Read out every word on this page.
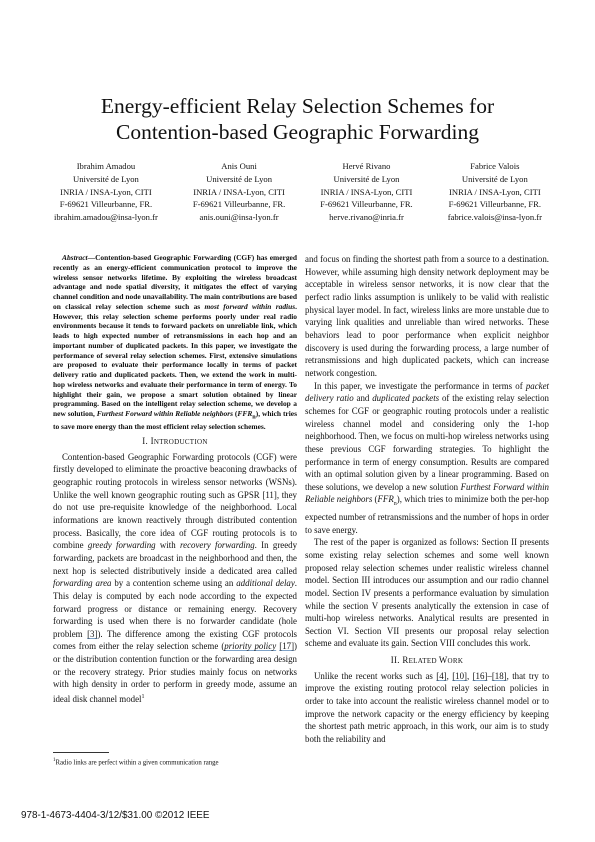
Energy-efficient Relay Selection Schemes for
Contention-based Geographic Forwarding
Ibrahim Amadou
Université de Lyon
INRIA / INSA-Lyon, CITI
F-69621 Villeurbanne, FR.
ibrahim.amadou@insa-lyon.fr
Anis Ouni
Université de Lyon
INRIA / INSA-Lyon, CITI
F-69621 Villeurbanne, FR.
anis.ouni@insa-lyon.fr
Hervé Rivano
Université de Lyon
INRIA / INSA-Lyon, CITI
F-69621 Villeurbanne, FR.
herve.rivano@inria.fr
Fabrice Valois
Université de Lyon
INRIA / INSA-Lyon, CITI
F-69621 Villeurbanne, FR.
fabrice.valois@insa-lyon.fr

Abstract—Contention-based Geographic Forwarding (CGF) has emerged recently as an energy-efficient communication protocol to improve the wireless sensor networks lifetime. By exploiting the wireless broadcast advantage and node spatial diversity, it mitigates the effect of varying channel condition and node unavailability. The main contributions are based on classical relay selection scheme such as most forward within radius. However, this relay selection scheme performs poorly under real radio environments because it tends to forward packets on unreliable link, which leads to high expected number of retransmissions in each hop and an important number of duplicated packets. In this paper, we investigate the performance of several relay selection schemes. First, extensive simulations are proposed to evaluate their performance locally in terms of packet delivery ratio and duplicated packets. Then, we extend the work in multi-hop wireless networks and evaluate their performance in term of energy. To highlight their gain, we propose a smart solution obtained by linear programming. Based on the intelligent relay selection scheme, we develop a new solution, Furthest Forward within Reliable neighbors $(FFR_n)$, which tries to save more energy than the most efficient relay selection schemes.

I. INTRODUCTION

Contention-based Geographic Forwarding protocols (CGF) were firstly developed to eliminate the proactive beaconing drawbacks of geographic routing protocols in wireless sensor networks (WSNs). Unlike the well known geographic routing such as GPSR [11], they do not use pre-requisite knowledge of the neighborhood. Local informations are known reactively through distributed contention process. Basically, the core idea of CGF routing protocols is to combine greedy forwarding with recovery forwarding. In greedy forwarding, packets are broadcast in the neighborhood and then, the next hop is selected distributively inside a dedicated area called forwarding area by a contention scheme using an additional delay. This delay is computed by each node according to the expected forward progress or distance or remaining energy. Recovery forwarding is used when there is no forwarder candidate (hole problem [3]). The difference among the existing CGF protocols comes from either the relay selection scheme (priority policy [17]) or the distribution contention function or the forwarding area design or the recovery strategy. Prior studies mainly focus on networks with high density in order to perform in greedy mode, assume an ideal disk channel model$^1$

$^1$Radio links are perfect within a given communication range

and focus on finding the shortest path from a source to a destination. However, while assuming high density network deployment may be acceptable in wireless sensor networks, it is now clear that the perfect radio links assumption is unlikely to be valid with realistic physical layer model. In fact, wireless links are more unstable due to varying link qualities and unreliable than wired networks. These behaviors lead to poor performance when explicit neighbor discovery is used during the forwarding process, a large number of retransmissions and high duplicated packets, which can increase network congestion.

In this paper, we investigate the performance in terms of packet delivery ratio and duplicated packets of the existing relay selection schemes for CGF or geographic routing protocols under a realistic wireless channel model and considering only the 1-hop neighborhood. Then, we focus on multi-hop wireless networks using these previous CGF forwarding strategies. To highlight the performance in term of energy consumption. Results are compared with an optimal solution given by a linear programming. Based on these solutions, we develop a new solution Furthest Forward within Reliable neighbors $(FFR_n)$, which tries to minimize both the per-hop expected number of retransmissions and the number of hops in order to save energy.

The rest of the paper is organized as follows: Section II presents some existing relay selection schemes and some well known proposed relay selection schemes under realistic wireless channel model. Section III introduces our assumption and our radio channel model. Section IV presents a performance evaluation by simulation while the section V presents analytically the extension in case of multi-hop wireless networks. Analytical results are presented in Section VI. Section VII presents our proposal relay selection scheme and evaluate its gain. Section VIII concludes this work.

II. RELATED WORK

Unlike the recent works such as [4], [10], [16]–[18], that try to improve the existing routing protocol relay selection policies in order to take into account the realistic wireless channel model or to improve the network capacity or the energy efficiency by keeping the shortest path metric approach, in this work, our aim is to study both the reliability and

978-1-4673-4404-3/12/$31.00 ©2012 IEEE
